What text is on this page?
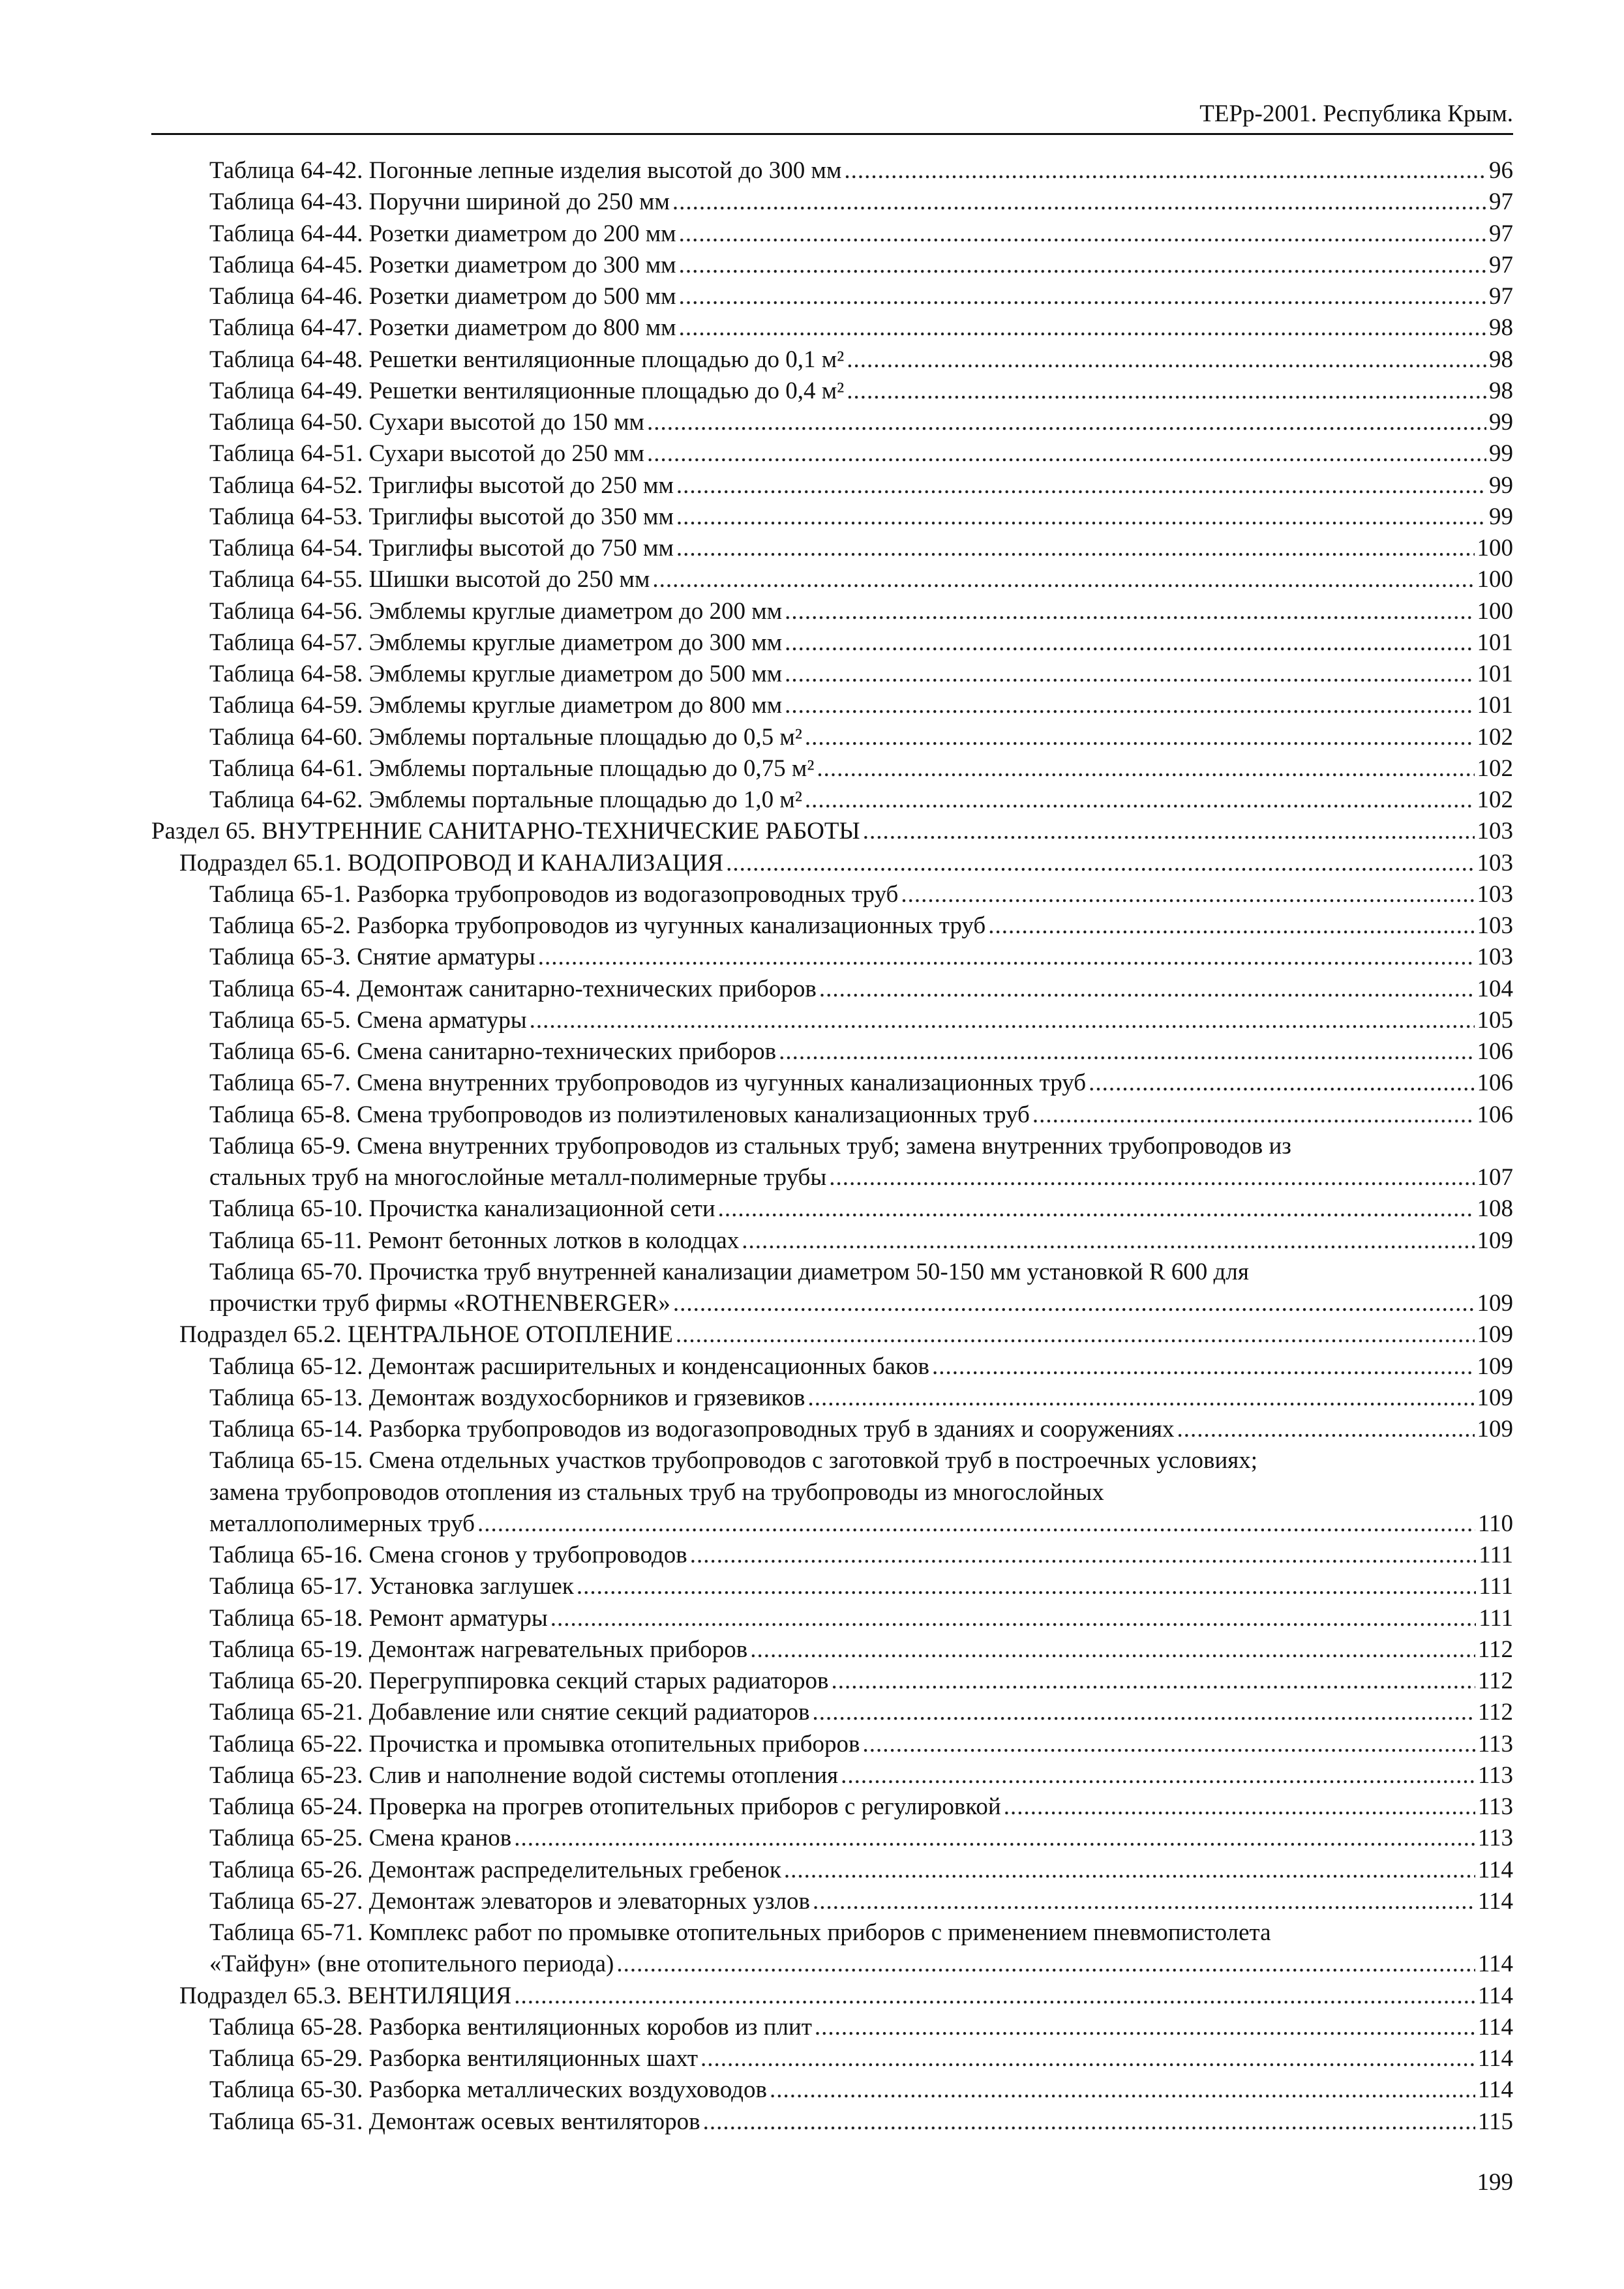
ТЕРр-2001. Республика Крым.
Таблица 64-42. Погонные лепные изделия высотой до 300 мм .....	96
Таблица 64-43. Поручни шириной до 250 мм .....	97
Таблица 64-44. Розетки диаметром до 200 мм .....	97
Таблица 64-45. Розетки диаметром до 300 мм .....	97
Таблица 64-46. Розетки диаметром до 500 мм .....	97
Таблица 64-47. Розетки диаметром до 800 мм .....	98
Таблица 64-48. Решетки вентиляционные площадью до 0,1 м² .....	98
Таблица 64-49. Решетки вентиляционные площадью до 0,4 м² .....	98
Таблица 64-50. Сухари высотой до 150 мм .....	99
Таблица 64-51. Сухари высотой до 250 мм .....	99
Таблица 64-52. Триглифы высотой до 250 мм .....	99
Таблица 64-53. Триглифы высотой до 350 мм .....	99
Таблица 64-54. Триглифы высотой до 750 мм .....	100
Таблица 64-55. Шишки высотой до 250 мм .....	100
Таблица 64-56. Эмблемы круглые диаметром до 200 мм .....	100
Таблица 64-57. Эмблемы круглые диаметром до 300 мм .....	101
Таблица 64-58. Эмблемы круглые диаметром до 500 мм .....	101
Таблица 64-59. Эмблемы круглые диаметром до 800 мм .....	101
Таблица 64-60. Эмблемы портальные площадью до 0,5 м² .....	102
Таблица 64-61. Эмблемы портальные площадью до 0,75 м² .....	102
Таблица 64-62. Эмблемы портальные площадью до 1,0 м² .....	102
Раздел 65. ВНУТРЕННИЕ САНИТАРНО-ТЕХНИЧЕСКИЕ РАБОТЫ .....	103
Подраздел 65.1. ВОДОПРОВОД И КАНАЛИЗАЦИЯ .....	103
Таблица 65-1. Разборка трубопроводов из водогазопроводных труб .....	103
Таблица 65-2. Разборка трубопроводов из чугунных канализационных труб .....	103
Таблица 65-3. Снятие арматуры .....	103
Таблица 65-4. Демонтаж санитарно-технических приборов .....	104
Таблица 65-5. Смена арматуры .....	105
Таблица 65-6. Смена санитарно-технических приборов .....	106
Таблица 65-7. Смена внутренних трубопроводов из чугунных канализационных труб .....	106
Таблица 65-8. Смена трубопроводов из полиэтиленовых канализационных труб .....	106
Таблица 65-9. Смена внутренних трубопроводов из стальных труб; замена внутренних трубопроводов из
стальных труб на многослойные металл-полимерные трубы .....	107
Таблица 65-10. Прочистка канализационной сети .....	108
Таблица 65-11. Ремонт бетонных лотков в колодцах .....	109
Таблица 65-70. Прочистка труб внутренней канализации диаметром 50-150 мм установкой R 600 для
прочистки труб фирмы «ROTHENBERGER» .....	109
Подраздел 65.2. ЦЕНТРАЛЬНОЕ ОТОПЛЕНИЕ .....	109
Таблица 65-12. Демонтаж расширительных и конденсационных баков .....	109
Таблица 65-13. Демонтаж воздухосборников и грязевиков .....	109
Таблица 65-14. Разборка трубопроводов из водогазопроводных труб в зданиях и сооружениях .....	109
Таблица 65-15. Смена отдельных участков трубопроводов с заготовкой труб в построечных условиях;
замена трубопроводов отопления из стальных труб на трубопроводы из многослойных
металлополимерных труб .....	110
Таблица 65-16. Смена сгонов у трубопроводов .....	111
Таблица 65-17. Установка заглушек .....	111
Таблица 65-18. Ремонт арматуры .....	111
Таблица 65-19. Демонтаж нагревательных приборов .....	112
Таблица 65-20. Перегруппировка секций старых радиаторов .....	112
Таблица 65-21. Добавление или снятие секций радиаторов .....	112
Таблица 65-22. Прочистка и промывка отопительных приборов .....	113
Таблица 65-23. Слив и наполнение водой системы отопления .....	113
Таблица 65-24. Проверка на прогрев отопительных приборов с регулировкой .....	113
Таблица 65-25. Смена кранов .....	113
Таблица 65-26. Демонтаж распределительных гребенок .....	114
Таблица 65-27. Демонтаж элеваторов и элеваторных узлов .....	114
Таблица 65-71. Комплекс работ по промывке отопительных приборов с применением пневмопистолета
«Тайфун» (вне отопительного периода) .....	114
Подраздел 65.3. ВЕНТИЛЯЦИЯ .....	114
Таблица 65-28. Разборка вентиляционных коробов из плит .....	114
Таблица 65-29. Разборка вентиляционных шахт .....	114
Таблица 65-30. Разборка металлических воздуховодов .....	114
Таблица 65-31. Демонтаж осевых вентиляторов .....	115
199
